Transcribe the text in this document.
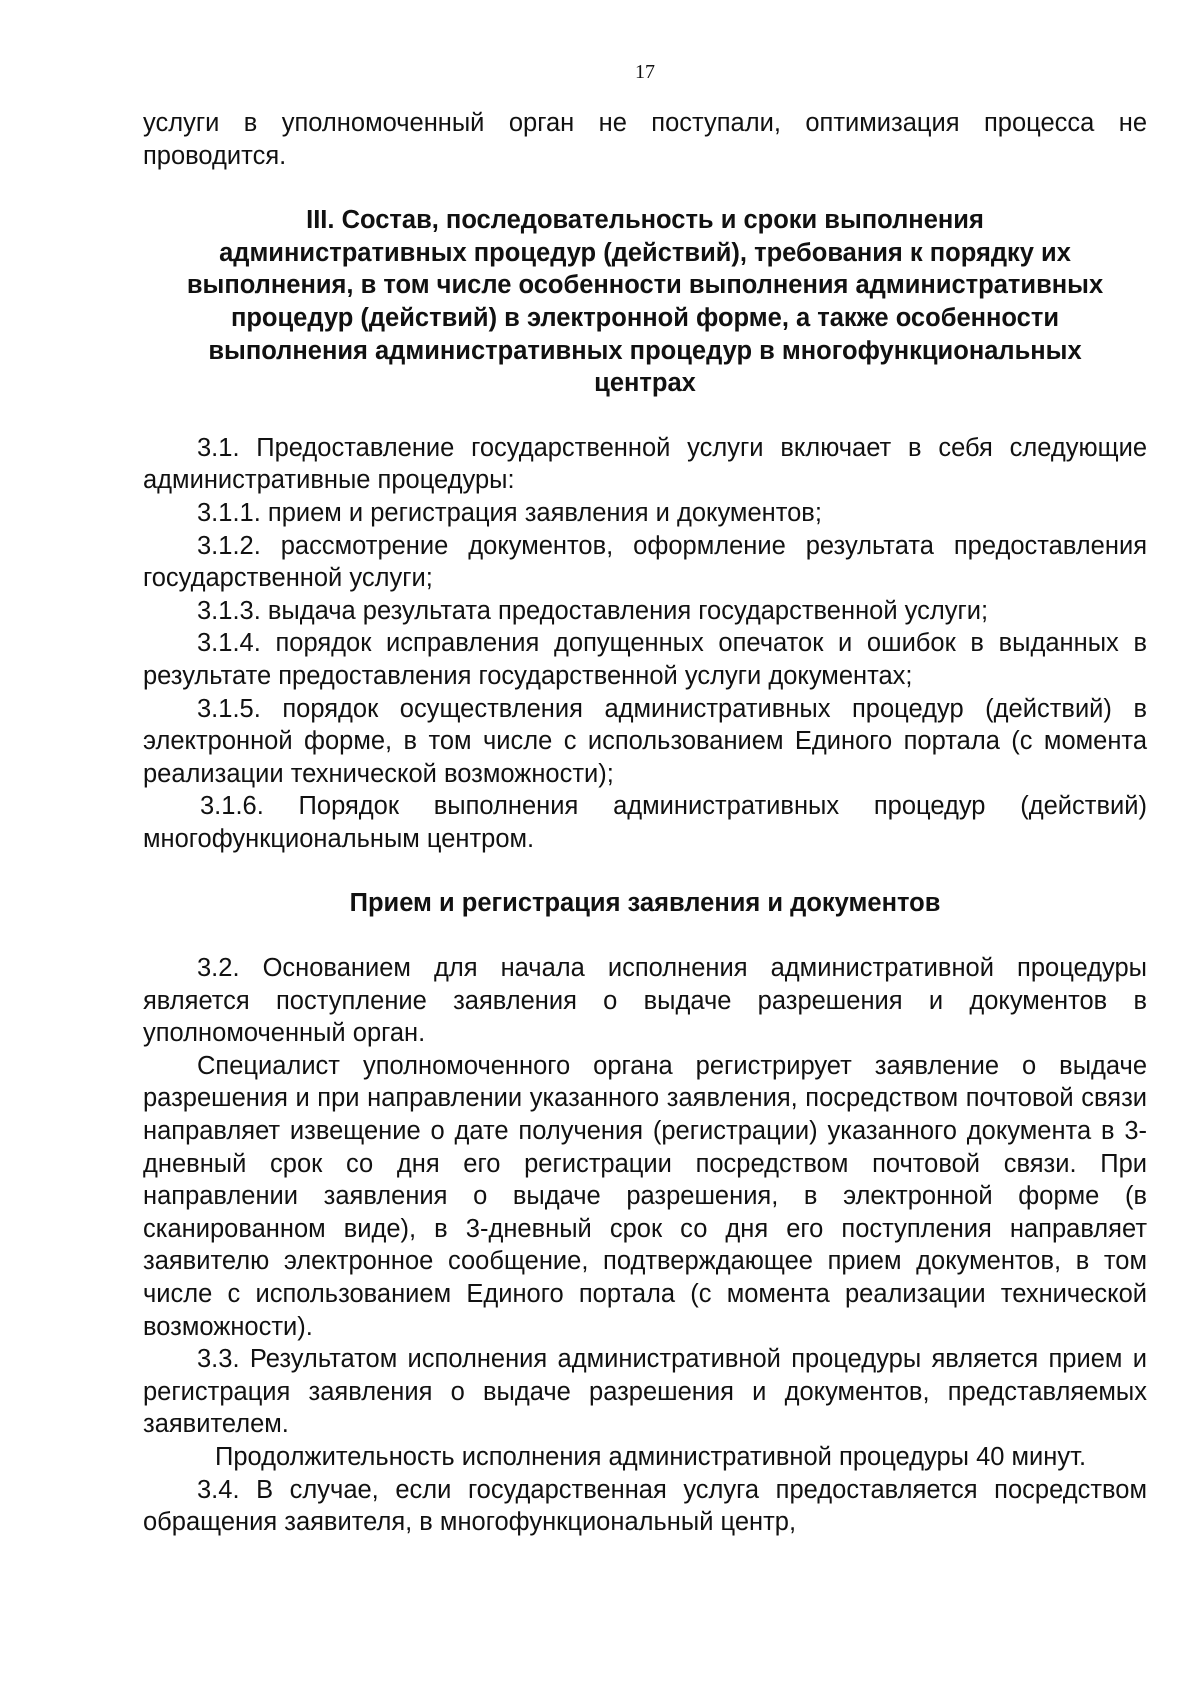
17

услуги в уполномоченный орган не поступали, оптимизация процесса не проводится.

III. Состав, последовательность и сроки выполнения административных процедур (действий), требования к порядку их выполнения, в том числе особенности выполнения административных процедур (действий) в электронной форме, а также особенности выполнения административных процедур в многофункциональных центрах

3.1. Предоставление государственной услуги включает в себя следующие административные процедуры:

3.1.1. прием и регистрация заявления и документов;

3.1.2. рассмотрение документов, оформление результата предоставления государственной услуги;

3.1.3. выдача результата предоставления государственной услуги;

3.1.4. порядок исправления допущенных опечаток и ошибок в выданных в результате предоставления государственной услуги документах;

3.1.5. порядок осуществления административных процедур (действий) в электронной форме, в том числе с использованием Единого портала (с момента реализации технической возможности);

3.1.6. Порядок выполнения административных процедур (действий) многофункциональным центром.

Прием и регистрация заявления и документов

3.2. Основанием для начала исполнения административной процедуры является поступление заявления о выдаче разрешения и документов в уполномоченный орган.

Специалист уполномоченного органа регистрирует заявление о выдаче разрешения и при направлении указанного заявления, посредством почтовой связи направляет извещение о дате получения (регистрации) указанного документа в 3-дневный срок со дня его регистрации посредством почтовой связи. При направлении заявления о выдаче разрешения, в электронной форме (в сканированном виде), в 3-дневный срок со дня его поступления направляет заявителю электронное сообщение, подтверждающее прием документов, в том числе с использованием Единого портала (с момента реализации технической возможности).

3.3. Результатом исполнения административной процедуры является прием и регистрация заявления о выдаче разрешения и документов, представляемых заявителем.

Продолжительность исполнения административной процедуры 40 минут.

3.4. В случае, если государственная услуга предоставляется посредством обращения заявителя, в многофункциональный центр,
